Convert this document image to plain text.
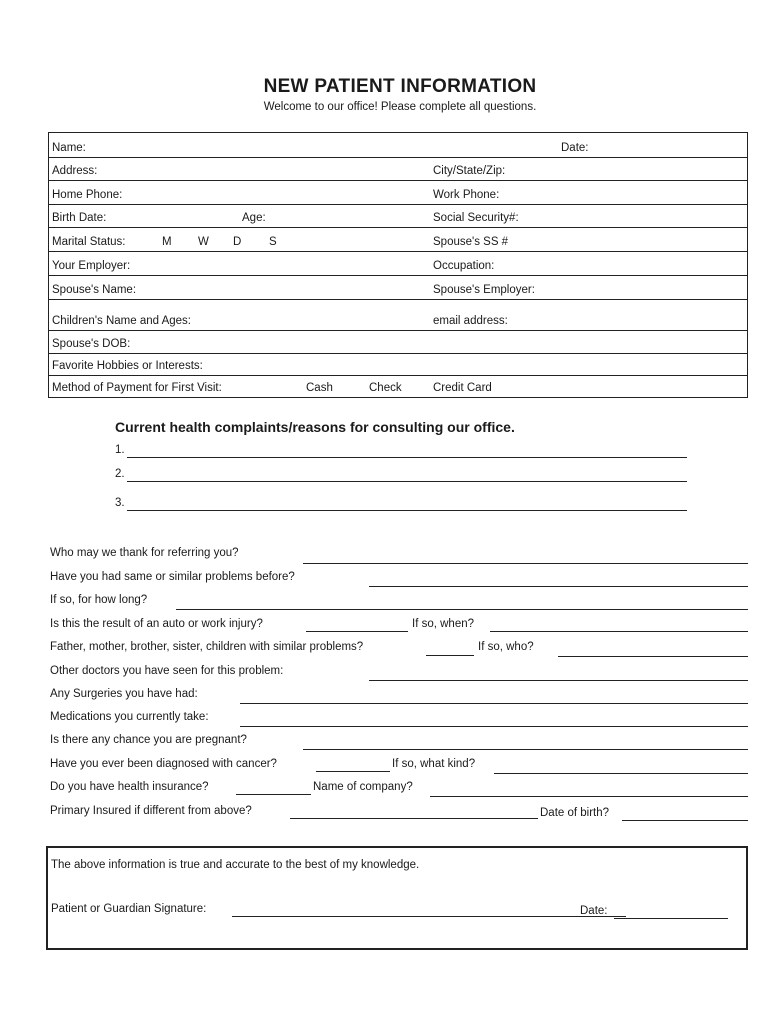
NEW PATIENT INFORMATION
Welcome to our office! Please complete all questions.
Name:	Date:
Address:	City/State/Zip:
Home Phone:	Work Phone:
Birth Date:	Age:	Social Security#:
Marital Status:	M W D S	Spouse's SS #
Your Employer:	Occupation:
Spouse's Name:	Spouse's Employer:
Children's Name and Ages:	email address:
Spouse's DOB:
Favorite Hobbies or Interests:
Method of Payment for First Visit:	Cash	Check	Credit Card
Current health complaints/reasons for consulting our office.
1.
2.
3.
Who may we thank for referring you?
Have you had same or similar problems before?
If so, for how long?
Is this the result of an auto or work injury?	If so, when?
Father, mother, brother, sister, children with similar problems?	If so, who?
Other doctors you have seen for this problem:
Any Surgeries you have had:
Medications you currently take:
Is there any chance you are pregnant?
Have you ever been diagnosed with cancer?	If so, what kind?
Do you have health insurance?	Name of company?
Primary Insured if different from above?	Date of birth?
The above information is true and accurate to the best of my knowledge.
Patient or Guardian Signature:	Date:
